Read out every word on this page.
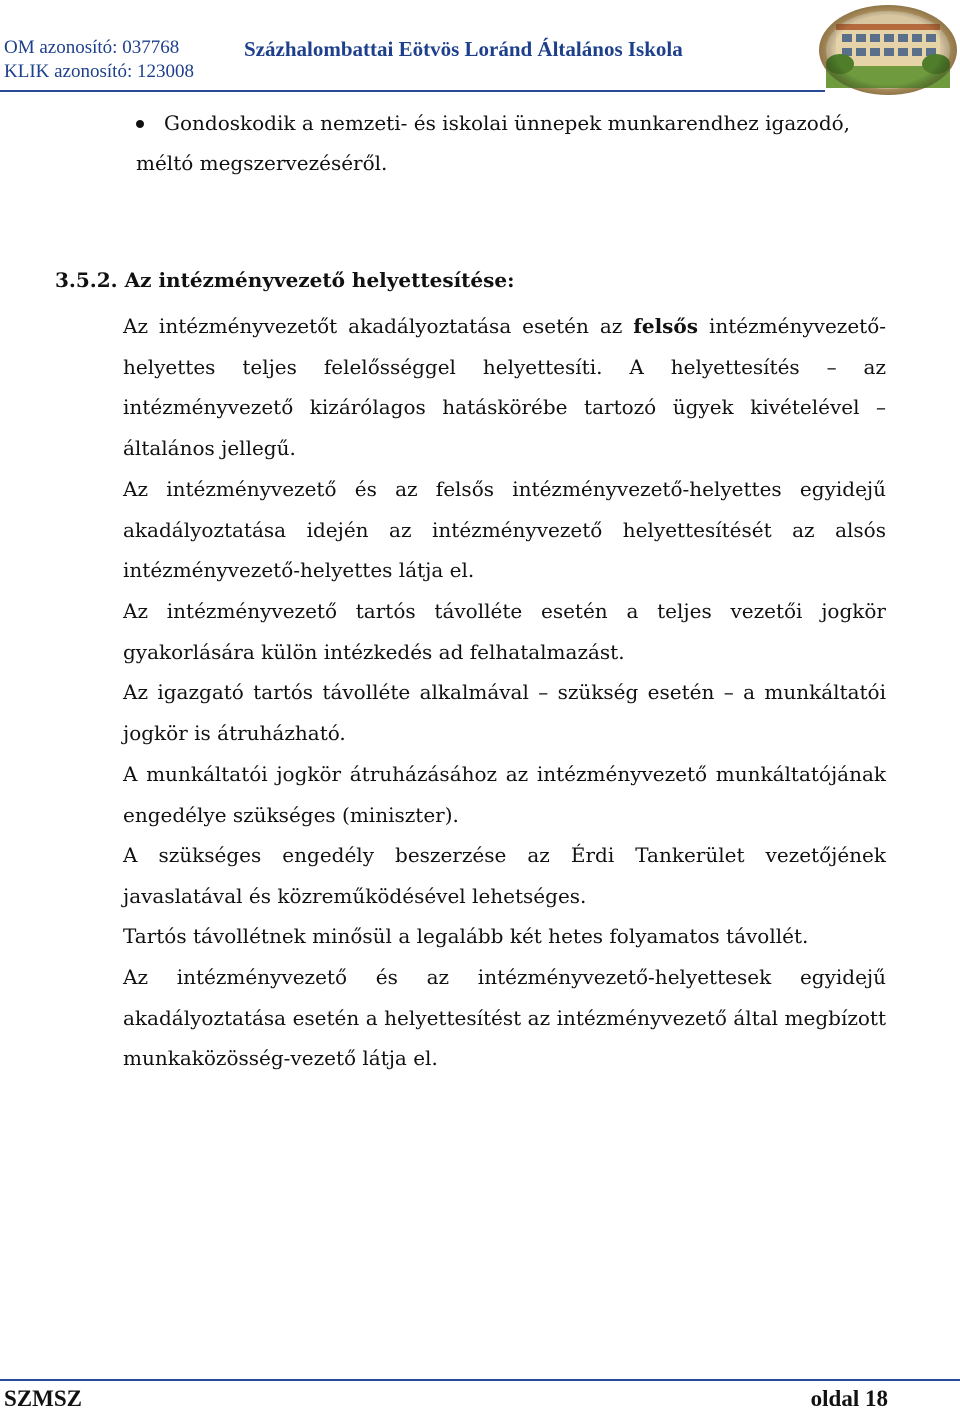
OM azonosító: 037768
KLIK azonosító: 123008
Százhalombattai Eötvös Loránd Általános Iskola
Gondoskodik a nemzeti- és iskolai ünnepek munkarendhez igazodó, méltó megszervezéséről.
3.5.2. Az intézményvezető helyettesítése:
Az intézményvezetőt akadályoztatása esetén az felsős intézményvezető-helyettes teljes felelősséggel helyettesíti. A helyettesítés – az intézményvezető kizárólagos hatáskörébe tartozó ügyek kivételével – általános jellegű.
Az intézményvezető és az felsős intézményvezető-helyettes egyidejű akadályoztatása idején az intézményvezető helyettesítését az alsós intézményvezető-helyettes látja el.
Az intézményvezető tartós távolléte esetén a teljes vezetői jogkör gyakorlására külön intézkedés ad felhatalmazást.
Az igazgató tartós távolléte alkalmával – szükség esetén – a munkáltatói jogkör is átruházható.
A munkáltatói jogkör átruházásához az intézményvezető munkáltatójának engedélye szükséges (miniszter).
A szükséges engedély beszerzése az Érdi Tankerület vezetőjének javaslatával és közreműködésével lehetséges.
Tartós távollétnek minősül a legalább két hetes folyamatos távollét.
Az intézményvezető és az intézményvezető-helyettesek egyidejű akadályoztatása esetén a helyettesítést az intézményvezető által megbízott munkaközösség-vezető látja el.
SZMSZ	oldal 18
